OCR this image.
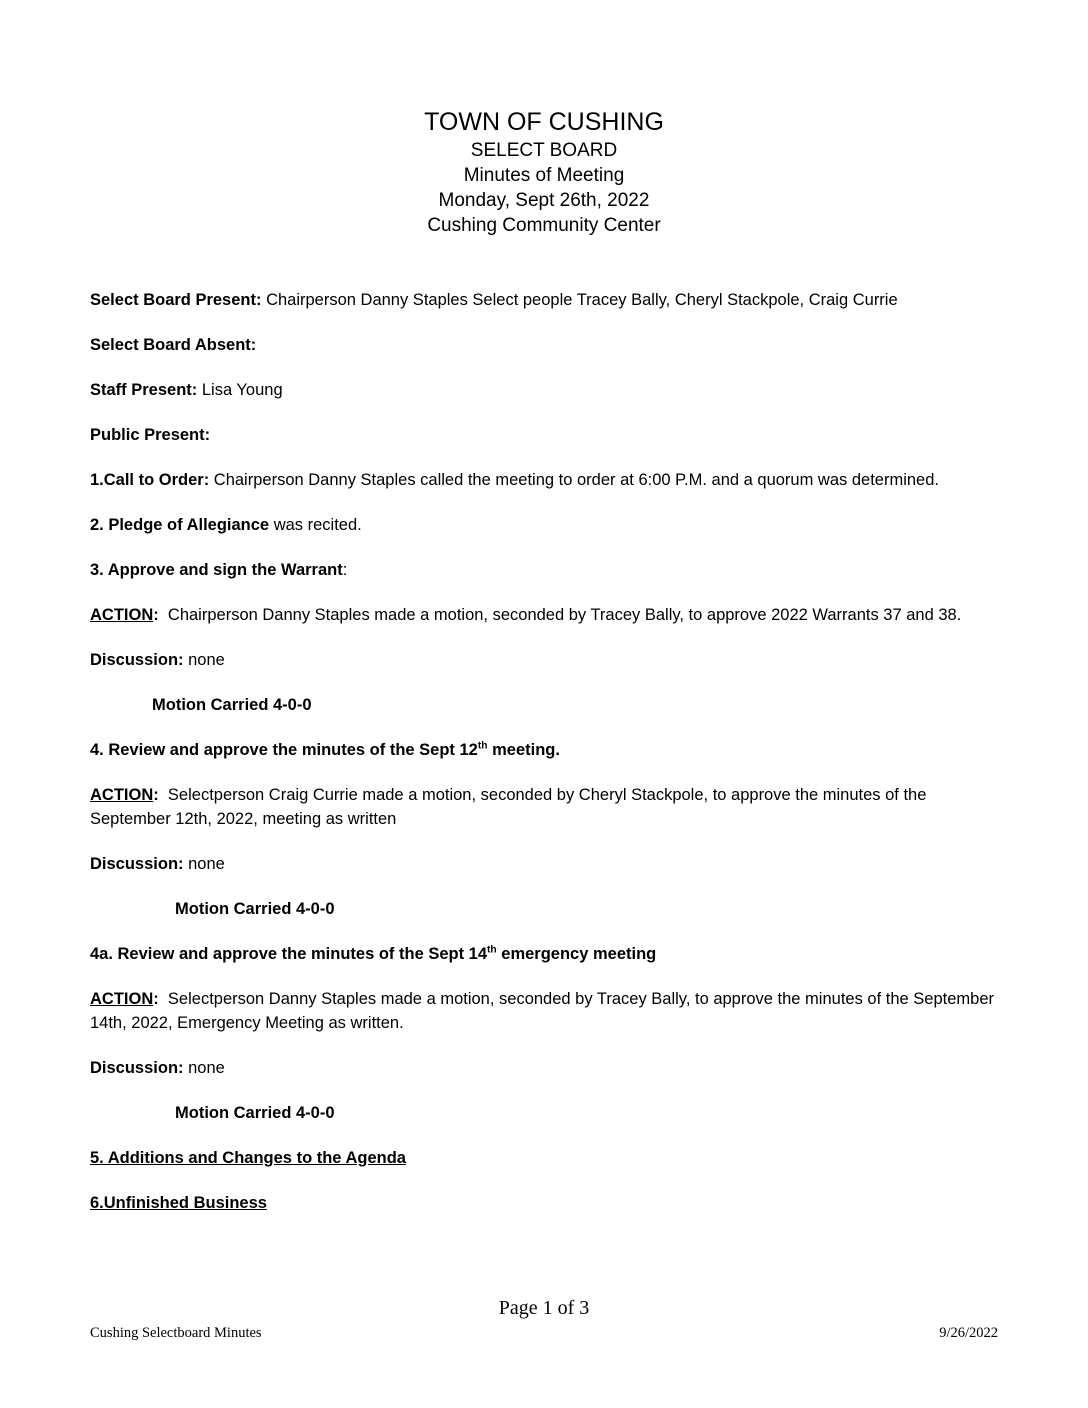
TOWN OF CUSHING
SELECT BOARD
Minutes of Meeting
Monday, Sept 26th, 2022
Cushing Community Center

Select Board Present: Chairperson Danny Staples Select people Tracey Bally, Cheryl Stackpole, Craig Currie

Select Board Absent:

Staff Present: Lisa Young

Public Present:

1.Call to Order: Chairperson Danny Staples called the meeting to order at 6:00 P.M. and a quorum was determined.

2. Pledge of Allegiance was recited.

3. Approve and sign the Warrant:

ACTION:  Chairperson Danny Staples made a motion, seconded by Tracey Bally, to approve 2022 Warrants 37 and 38.

Discussion: none

Motion Carried 4-0-0

4. Review and approve the minutes of the Sept 12th meeting.

ACTION:  Selectperson Craig Currie made a motion, seconded by Cheryl Stackpole, to approve the minutes of the September 12th, 2022, meeting as written

Discussion: none

Motion Carried 4-0-0

4a. Review and approve the minutes of the Sept 14th emergency meeting

ACTION:  Selectperson Danny Staples made a motion, seconded by Tracey Bally, to approve the minutes of the September 14th, 2022, Emergency Meeting as written.

Discussion: none

Motion Carried 4-0-0

5. Additions and Changes to the Agenda

6.Unfinished Business

Page 1 of 3
Cushing Selectboard Minutes	9/26/2022
